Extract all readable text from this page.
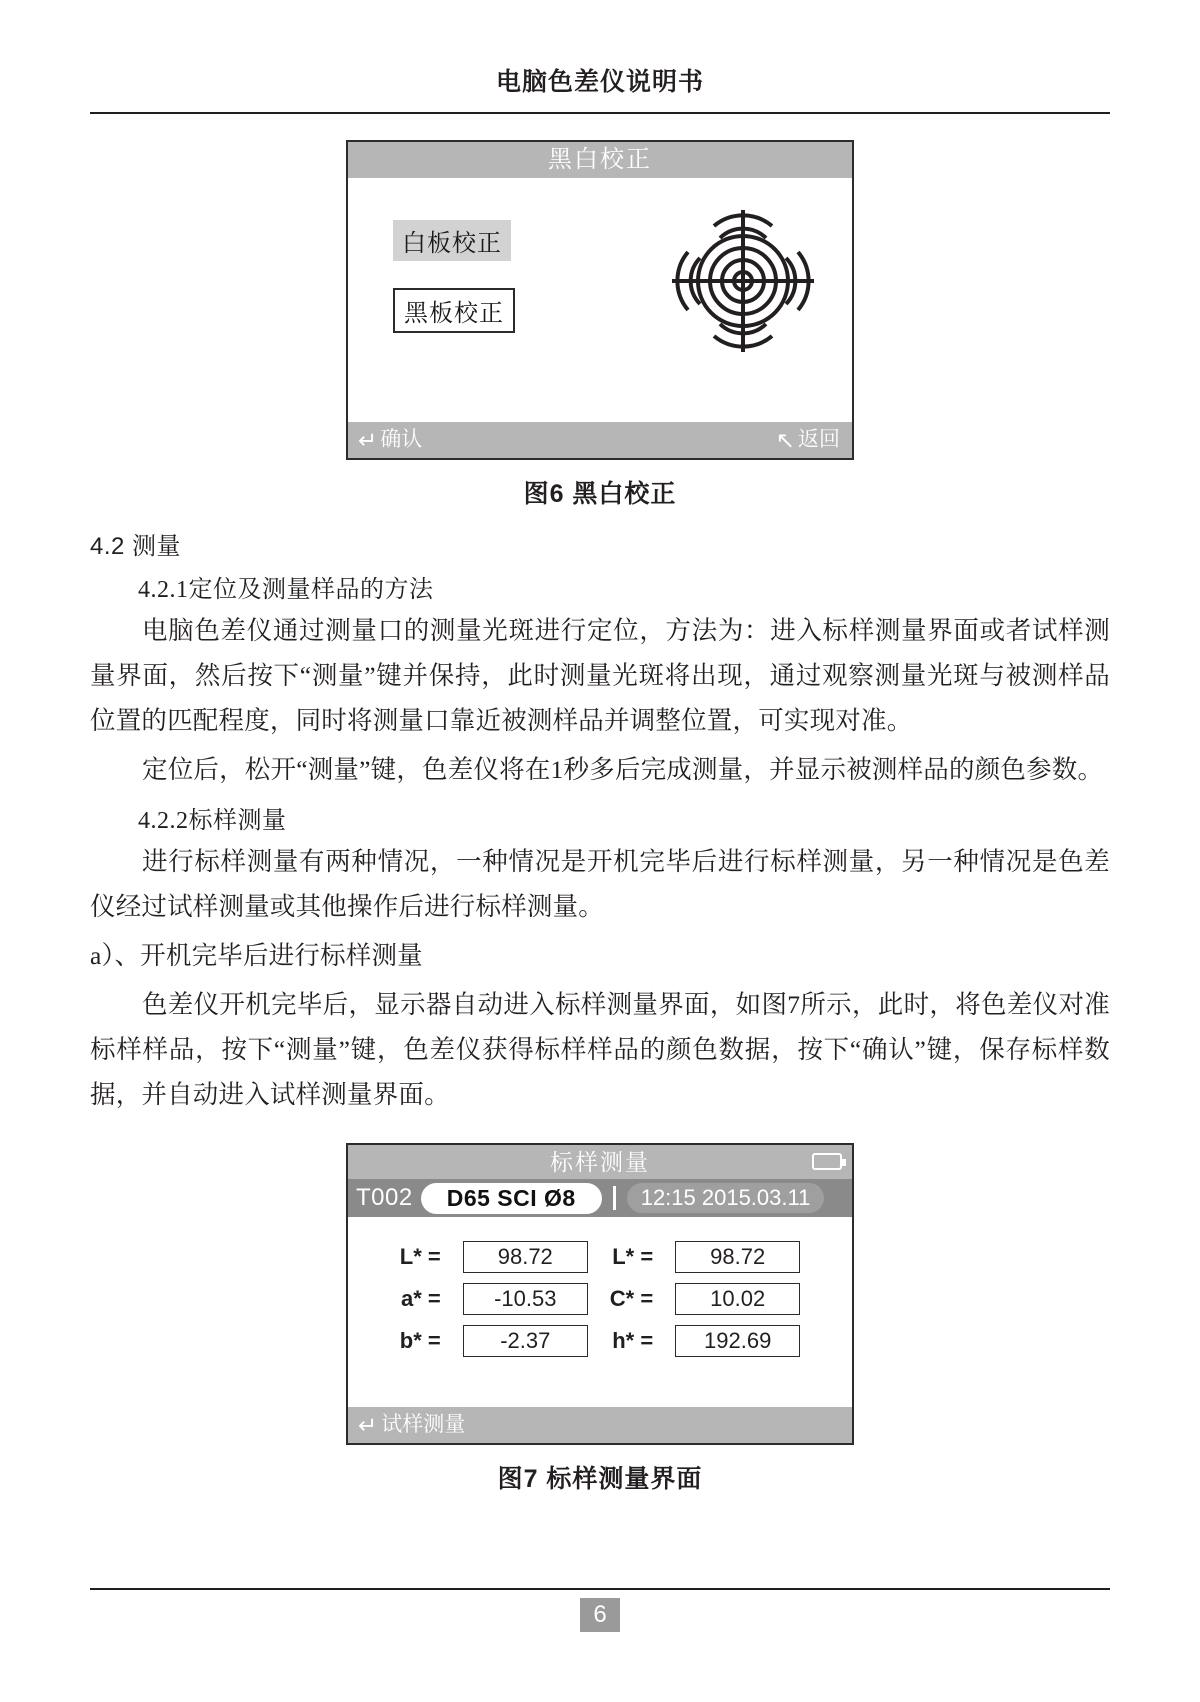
电脑色差仪说明书
黑白校正
白板校正
黑板校正
↵ 确认	↖ 返回
图6 黑白校正
4.2 测量
4.2.1定位及测量样品的方法

电脑色差仪通过测量口的测量光斑进行定位，方法为：进入标样测量界面或者试样测量界面，然后按下“测量”键并保持，此时测量光斑将出现，通过观察测量光斑与被测样品位置的匹配程度，同时将测量口靠近被测样品并调整位置，可实现对准。

定位后，松开“测量”键，色差仪将在1秒多后完成测量，并显示被测样品的颜色参数。

4.2.2标样测量

进行标样测量有两种情况，一种情况是开机完毕后进行标样测量，另一种情况是色差仪经过试样测量或其他操作后进行标样测量。

a）、开机完毕后进行标样测量

色差仪开机完毕后，显示器自动进入标样测量界面，如图7所示，此时，将色差仪对准标样样品，按下“测量”键，色差仪获得标样样品的颜色数据，按下“确认”键，保存标样数据，并自动进入试样测量界面。

标样测量
T002	D65 SCI Ø8	12:15 2015.03.11
L* =	98.72	L* =	98.72
a* =	-10.53	C* =	10.02
b* =	-2.37	h* =	192.69
↵ 试样测量
图7 标样测量界面
6
